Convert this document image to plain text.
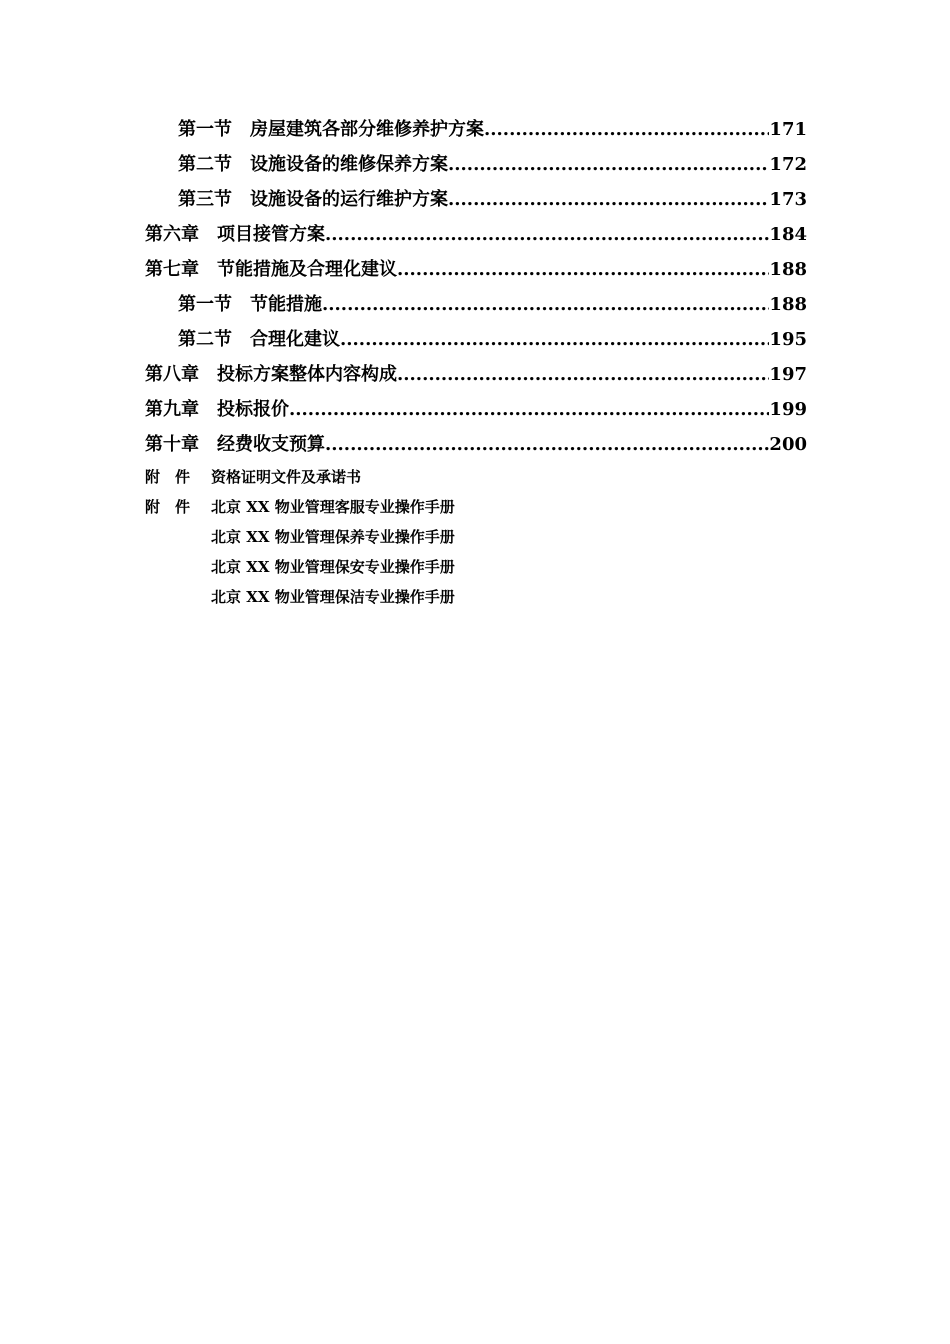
第一节 房屋建筑各部分维修养护方案 .....	171
第二节 设施设备的维修保养方案 .....	172
第三节 设施设备的运行维护方案 .....	173
第六章 项目接管方案 .....	184
第七章 节能措施及合理化建议 .....	188
第一节 节能措施 .....	188
第二节 合理化建议 .....	195
第八章 投标方案整体内容构成 .....	197
第九章 投标报价 .....	199
第十章 经费收支预算 .....	200
附 件	资格证明文件及承诺书
附 件	北京 XX 物业管理客服专业操作手册
北京 XX 物业管理保养专业操作手册
北京 XX 物业管理保安专业操作手册
北京 XX 物业管理保洁专业操作手册
